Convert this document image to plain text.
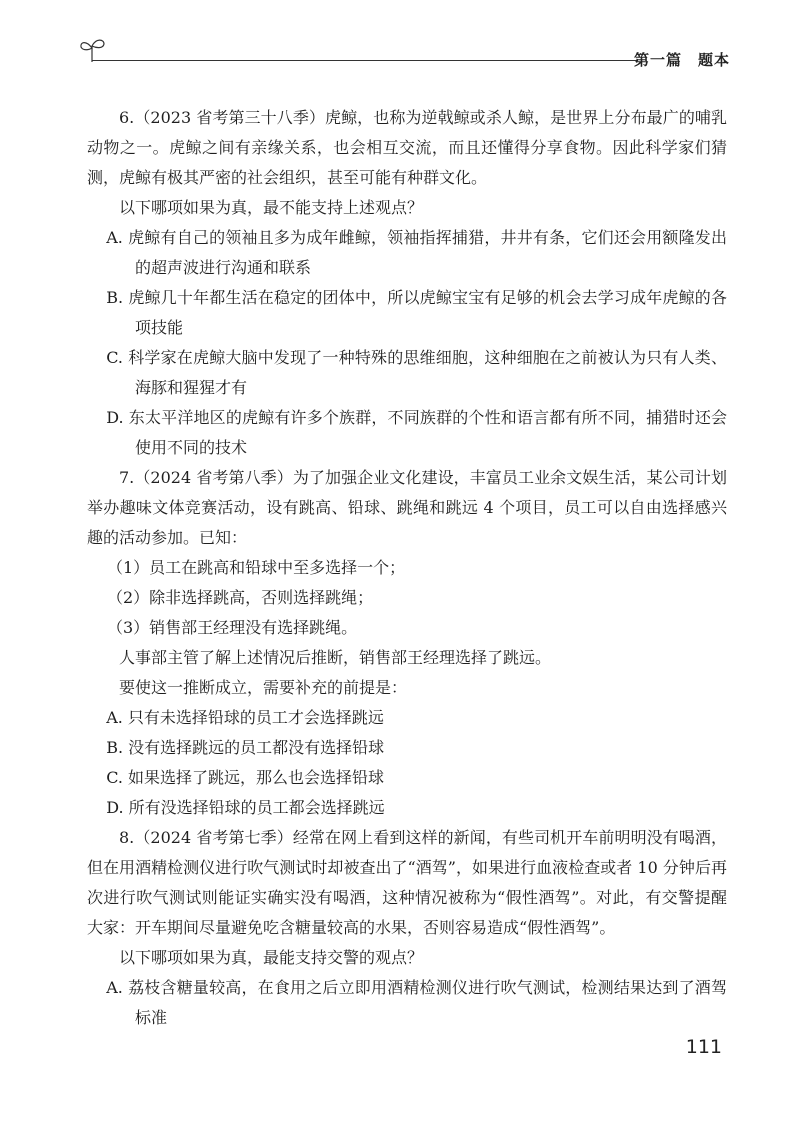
第一篇　题本

6.（2023 省考第三十八季）虎鲸，也称为逆戟鲸或杀人鲸，是世界上分布最广的哺乳动物之一。虎鲸之间有亲缘关系，也会相互交流，而且还懂得分享食物。因此科学家们猜测，虎鲸有极其严密的社会组织，甚至可能有种群文化。

以下哪项如果为真，最不能支持上述观点？

A. 虎鲸有自己的领袖且多为成年雌鲸，领袖指挥捕猎，井井有条，它们还会用额隆发出的超声波进行沟通和联系

B. 虎鲸几十年都生活在稳定的团体中，所以虎鲸宝宝有足够的机会去学习成年虎鲸的各项技能

C. 科学家在虎鲸大脑中发现了一种特殊的思维细胞，这种细胞在之前被认为只有人类、海豚和猩猩才有

D. 东太平洋地区的虎鲸有许多个族群，不同族群的个性和语言都有所不同，捕猎时还会使用不同的技术

7.（2024 省考第八季）为了加强企业文化建设，丰富员工业余文娱生活，某公司计划举办趣味文体竞赛活动，设有跳高、铅球、跳绳和跳远 4 个项目，员工可以自由选择感兴趣的活动参加。已知：

（1）员工在跳高和铅球中至多选择一个；

（2）除非选择跳高，否则选择跳绳；

（3）销售部王经理没有选择跳绳。

人事部主管了解上述情况后推断，销售部王经理选择了跳远。

要使这一推断成立，需要补充的前提是：

A. 只有未选择铅球的员工才会选择跳远

B. 没有选择跳远的员工都没有选择铅球

C. 如果选择了跳远，那么也会选择铅球

D. 所有没选择铅球的员工都会选择跳远

8.（2024 省考第七季）经常在网上看到这样的新闻，有些司机开车前明明没有喝酒，但在用酒精检测仪进行吹气测试时却被查出了“酒驾”，如果进行血液检查或者 10 分钟后再次进行吹气测试则能证实确实没有喝酒，这种情况被称为“假性酒驾”。对此，有交警提醒大家：开车期间尽量避免吃含糖量较高的水果，否则容易造成“假性酒驾”。

以下哪项如果为真，最能支持交警的观点？

A. 荔枝含糖量较高，在食用之后立即用酒精检测仪进行吹气测试，检测结果达到了酒驾标准

111
